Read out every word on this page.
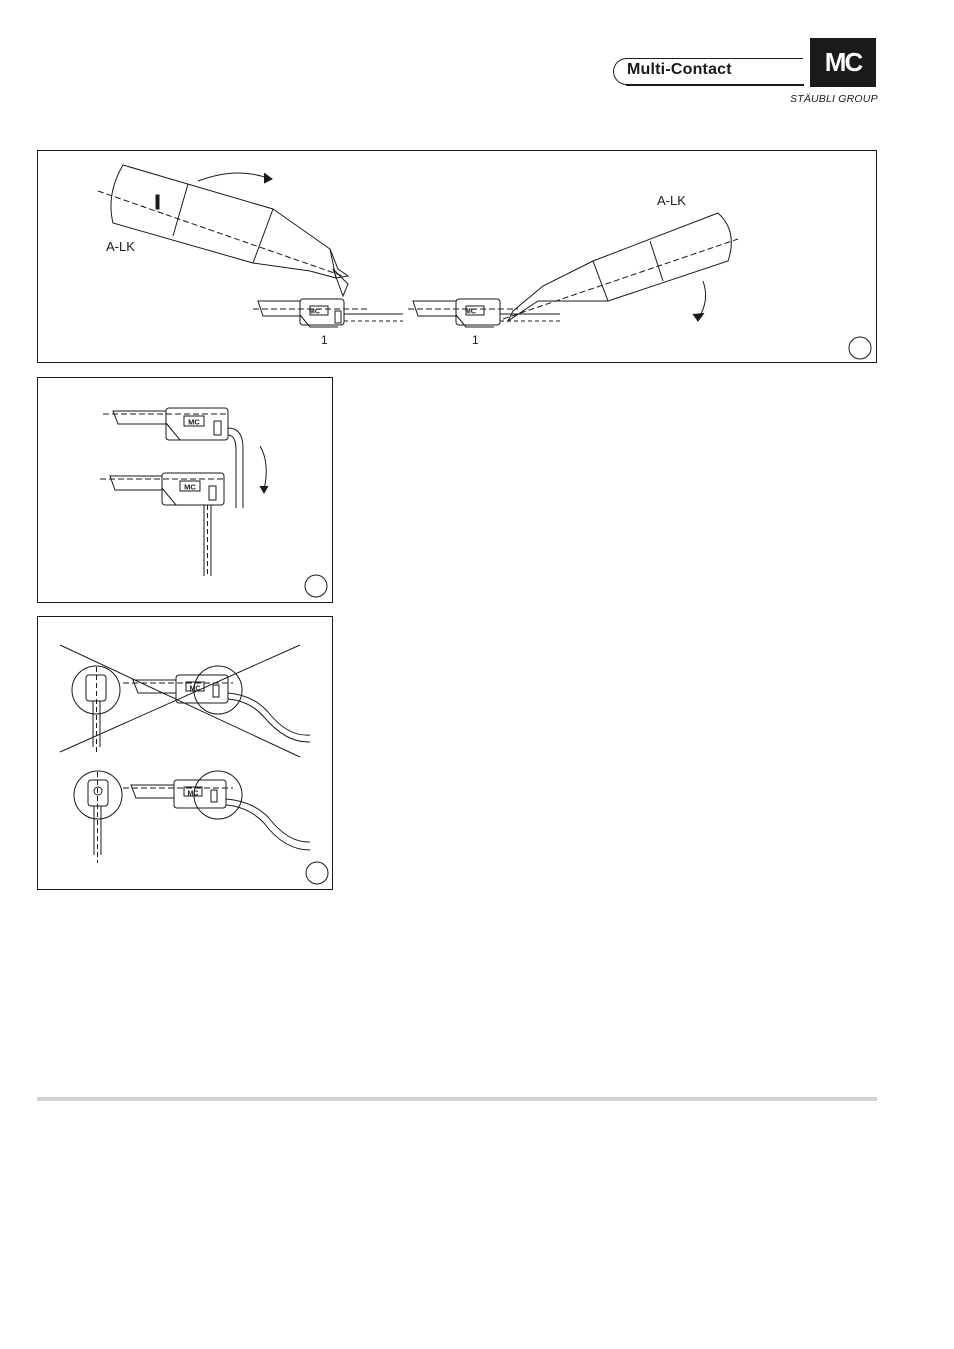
Multi-Contact	MC
STÄUBLI GROUP
A-LK
MC
1
MC
1
A-LK
MC
MC
MC
MC
